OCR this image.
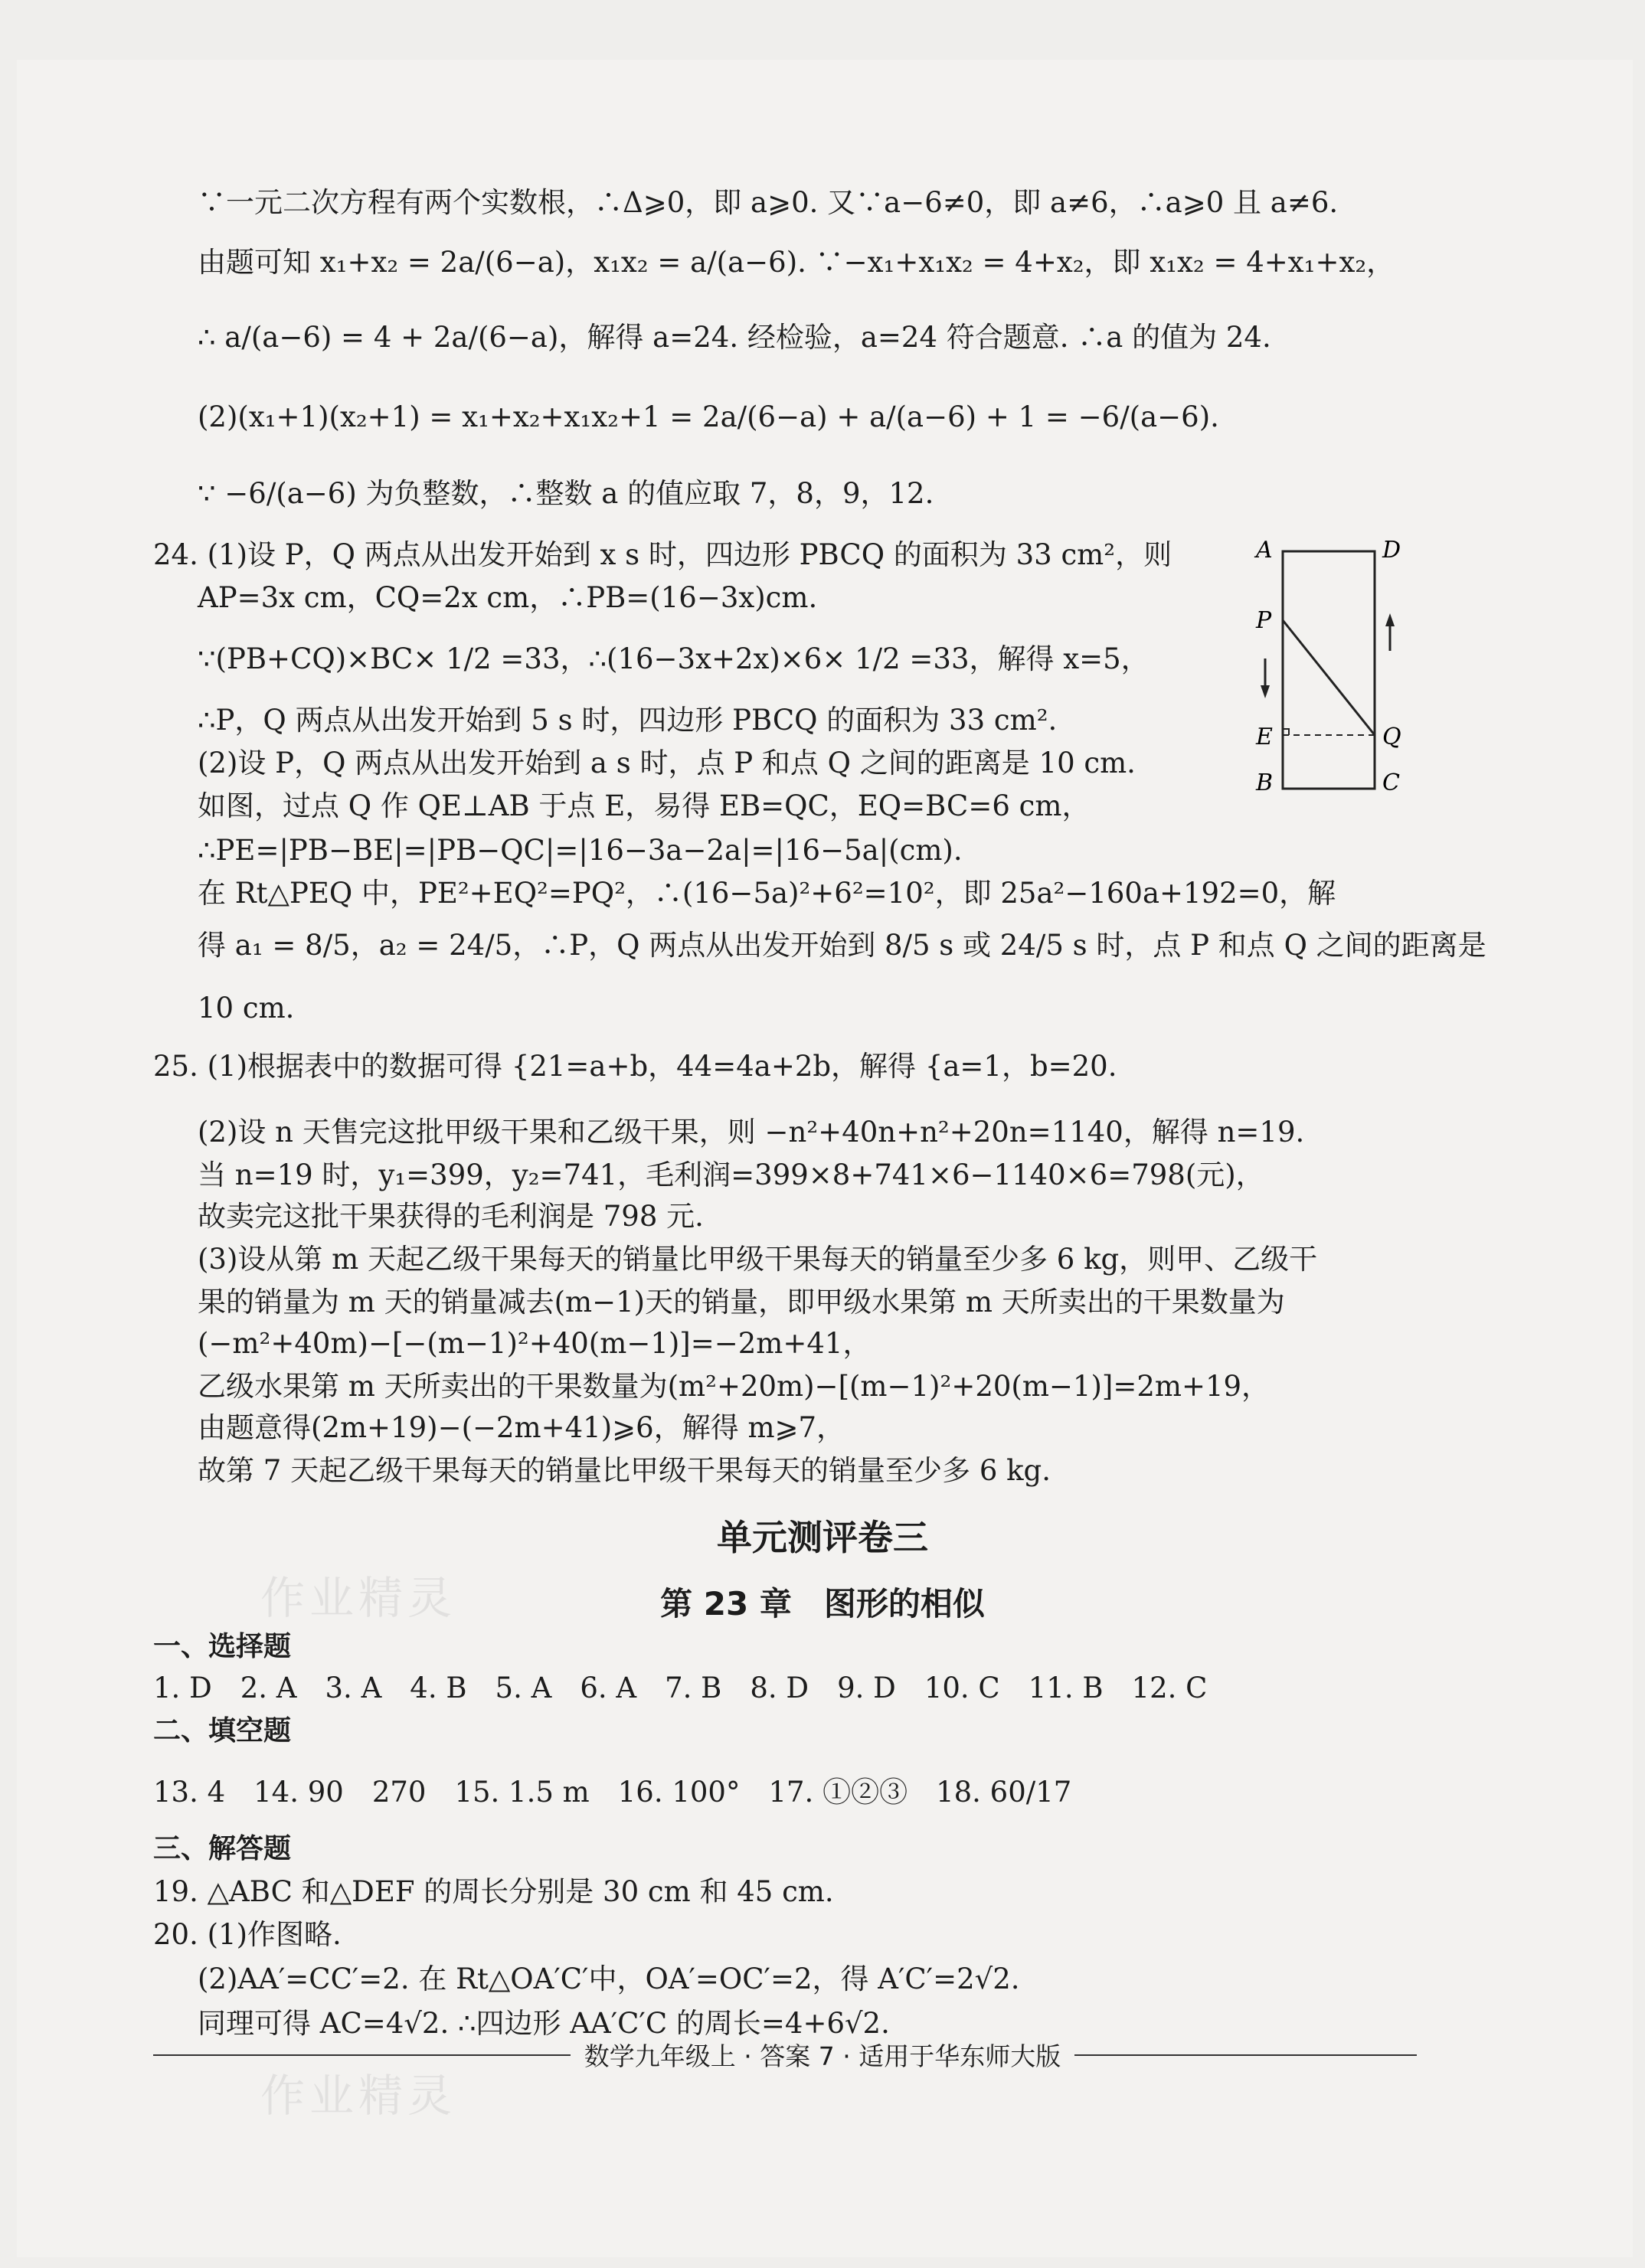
∵一元二次方程有两个实数根，∴Δ⩾0，即 a⩾0. 又∵a−6≠0，即 a≠6，∴a⩾0 且 a≠6.
由题可知 x₁+x₂ = 2a/(6−a)，x₁x₂ = a/(a−6). ∵−x₁+x₁x₂ = 4+x₂，即 x₁x₂ = 4+x₁+x₂，
∴ a/(a−6) = 4 + 2a/(6−a)，解得 a=24. 经检验，a=24 符合题意. ∴a 的值为 24.
(2)(x₁+1)(x₂+1) = x₁+x₂+x₁x₂+1 = 2a/(6−a) + a/(a−6) + 1 = −6/(a−6).
∵ −6/(a−6) 为负整数，∴整数 a 的值应取 7，8，9，12.
24. (1)设 P，Q 两点从出发开始到 x s 时，四边形 PBCQ 的面积为 33 cm²，则
AP=3x cm，CQ=2x cm，∴PB=(16−3x)cm.
∵(PB+CQ)×BC× 1/2 =33，∴(16−3x+2x)×6× 1/2 =33，解得 x=5，
∴P，Q 两点从出发开始到 5 s 时，四边形 PBCQ 的面积为 33 cm².
(2)设 P，Q 两点从出发开始到 a s 时，点 P 和点 Q 之间的距离是 10 cm.
如图，过点 Q 作 QE⊥AB 于点 E，易得 EB=QC，EQ=BC=6 cm，
∴PE=|PB−BE|=|PB−QC|=|16−3a−2a|=|16−5a|(cm).
在 Rt△PEQ 中，PE²+EQ²=PQ²，∴(16−5a)²+6²=10²，即 25a²−160a+192=0，解
得 a₁ = 8/5，a₂ = 24/5，∴P，Q 两点从出发开始到 8/5 s 或 24/5 s 时，点 P 和点 Q 之间的距离是
10 cm.
25. (1)根据表中的数据可得 {21=a+b，44=4a+2b，解得 {a=1，b=20.
(2)设 n 天售完这批甲级干果和乙级干果，则 −n²+40n+n²+20n=1140，解得 n=19.
当 n=19 时，y₁=399，y₂=741，毛利润=399×8+741×6−1140×6=798(元)，
故卖完这批干果获得的毛利润是 798 元.
(3)设从第 m 天起乙级干果每天的销量比甲级干果每天的销量至少多 6 kg，则甲、乙级干
果的销量为 m 天的销量减去(m−1)天的销量，即甲级水果第 m 天所卖出的干果数量为
(−m²+40m)−[−(m−1)²+40(m−1)]=−2m+41，
乙级水果第 m 天所卖出的干果数量为(m²+20m)−[(m−1)²+20(m−1)]=2m+19，
由题意得(2m+19)−(−2m+41)⩾6，解得 m⩾7，
故第 7 天起乙级干果每天的销量比甲级干果每天的销量至少多 6 kg.
单元测评卷三
第 23 章　图形的相似
一、选择题
1. D　2. A　3. A　4. B　5. A　6. A　7. B　8. D　9. D　10. C　11. B　12. C
二、填空题
13. 4　14. 90　270　15. 1.5 m　16. 100°　17. ①②③　18. 60/17
三、解答题
19. △ABC 和△DEF 的周长分别是 30 cm 和 45 cm.
20. (1)作图略.
(2)AA′=CC′=2. 在 Rt△OA′C′中，OA′=OC′=2，得 A′C′=2√2.
同理可得 AC=4√2. ∴四边形 AA′C′C 的周长=4+6√2.
A	D
P
E
B
Q
C
作业精灵
作业精灵
数学九年级上 · 答案 7 · 适用于华东师大版
